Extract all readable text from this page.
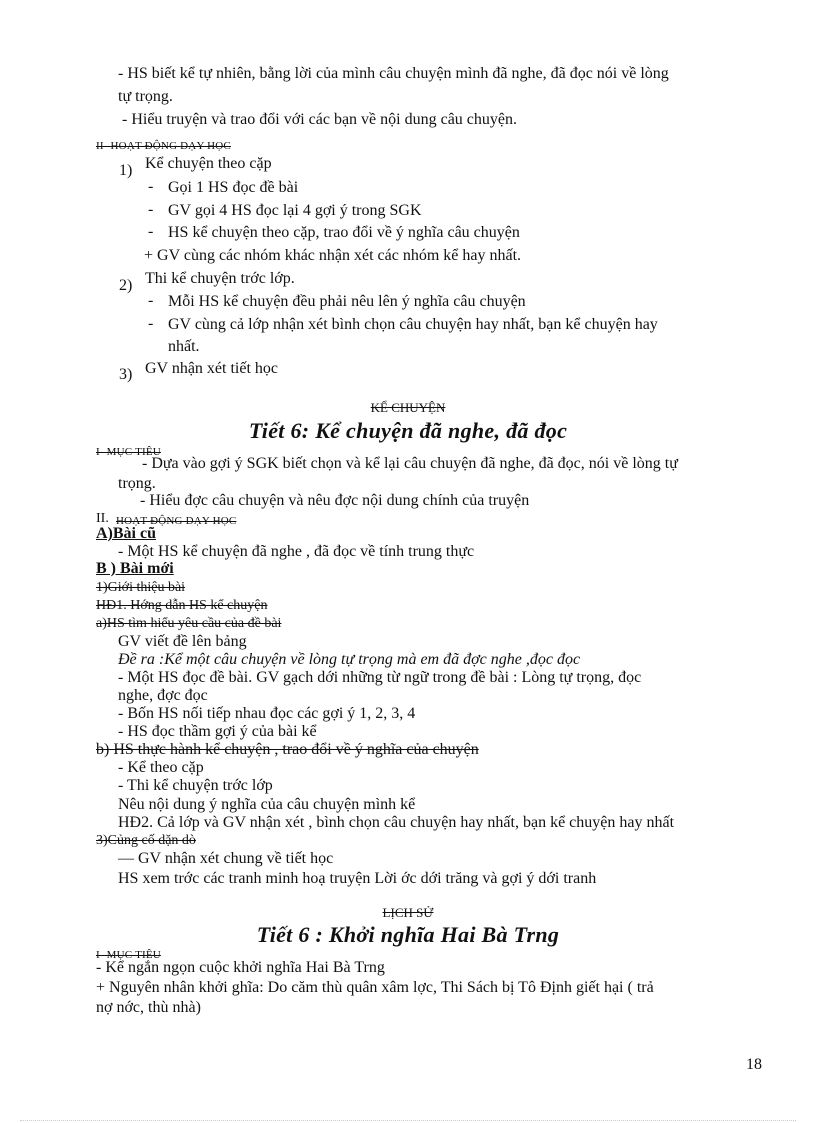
- HS biết kể tự nhiên, bằng lời của mình câu chuyện mình đã nghe, đã đọc nói về lòng
tự trọng.
- Hiểu truyện và trao đổi với các bạn về nội dung câu chuyện.
II- HOẠT ĐỘNG DẠY HỌC
1) Kể chuyện theo cặp
- Gọi 1 HS đọc đề bài
- GV gọi 4 HS đọc lại 4 gợi ý trong SGK
- HS kể chuyện theo cặp, trao đổi về ý nghĩa câu chuyện
+ GV cùng các nhóm khác nhận xét các nhóm kể hay nhất.
2) Thi kể chuyện trớc lớp.
- Mỗi HS kể chuyện đều phải nêu lên ý nghĩa câu chuyện
- GV cùng cả lớp nhận xét bình chọn câu chuyện hay nhất, bạn kể chuyện hay
nhất.
3) GV nhận xét tiết học
KỂ CHUYỆN
Tiết 6: Kể chuyện đã nghe, đã đọc
I- MỤC TIÊU
- Dựa vào gợi ý SGK biết chọn và kể lại câu chuyện đã nghe, đã đọc, nói về lòng tự
trọng.
- Hiểu đợc câu chuyện và nêu đợc nội dung chính của truyện
II. HOẠT ĐỘNG DẠY HỌC
A)Bài cũ
- Một HS kể chuyện đã nghe , đã đọc về tính trung thực
B ) Bài mới
1)Giới thiệu bài
HĐ1. Hớng dẫn HS kể chuyện
a)HS tìm hiểu yêu cầu của đề bài
GV viết đề lên bảng
Đề ra :Kể một câu chuyện về lòng tự trọng mà em đã đợc nghe ,đọc đọc
- Một HS đọc đề bài. GV gạch dới những từ ngữ trong đề bài : Lòng tự trọng, đọc
nghe, đợc đọc
- Bốn HS nối tiếp nhau đọc các gợi ý 1, 2, 3, 4
- HS đọc thầm gợi ý của bài kể
b) HS thực hành kể chuyện , trao đổi về ý nghĩa của chuyện
- Kể theo cặp
- Thi kể chuyện trớc lớp
Nêu nội dung ý nghĩa của câu chuyện mình kể
HĐ2. Cả lớp và GV nhận xét , bình chọn câu chuyện hay nhất, bạn kể chuyện hay nhất
3)Củng cố dặn dò
— GV nhận xét chung về tiết học
HS xem trớc các tranh minh hoạ truyện Lời ớc dới trăng và gợi ý dới tranh
LỊCH SỬ
Tiết 6 : Khởi nghĩa Hai Bà Trng
I- MỤC TIÊU
- Kể ngắn ngọn cuộc khởi nghĩa Hai Bà Trng
+ Nguyên nhân khởi ghĩa: Do căm thù quân xâm lợc, Thi Sách bị Tô Định giết hại ( trả
nợ nớc, thù nhà)
18
